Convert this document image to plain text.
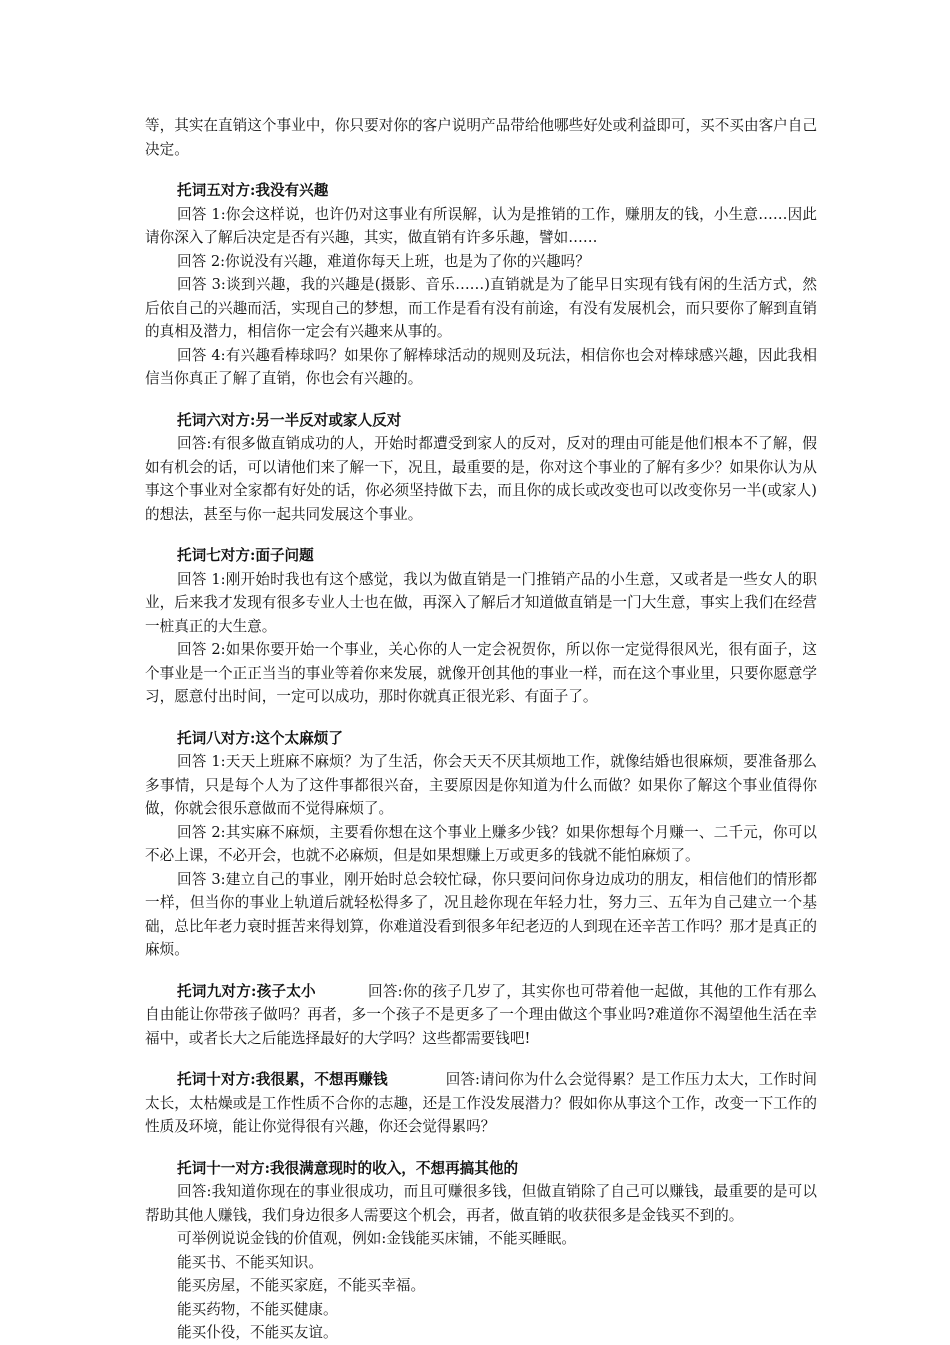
等，其实在直销这个事业中，你只要对你的客户说明产品带给他哪些好处或利益即可，买不买由客户自己决定。

托词五对方:我没有兴趣

回答 1:你会这样说，也许仍对这事业有所误解，认为是推销的工作，赚朋友的钱，小生意……因此请你深入了解后决定是否有兴趣，其实，做直销有许多乐趣，譬如……

回答 2:你说没有兴趣，难道你每天上班，也是为了你的兴趣吗？

回答 3:谈到兴趣，我的兴趣是(摄影、音乐……)直销就是为了能早日实现有钱有闲的生活方式，然后依自己的兴趣而活，实现自己的梦想，而工作是看有没有前途，有没有发展机会，而只要你了解到直销的真相及潜力，相信你一定会有兴趣来从事的。

回答 4:有兴趣看棒球吗？如果你了解棒球活动的规则及玩法，相信你也会对棒球感兴趣，因此我相信当你真正了解了直销，你也会有兴趣的。

托词六对方:另一半反对或家人反对

回答:有很多做直销成功的人，开始时都遭受到家人的反对，反对的理由可能是他们根本不了解，假如有机会的话，可以请他们来了解一下，况且，最重要的是，你对这个事业的了解有多少？如果你认为从事这个事业对全家都有好处的话，你必须坚持做下去，而且你的成长或改变也可以改变你另一半(或家人)的想法，甚至与你一起共同发展这个事业。

托词七对方:面子问题

回答 1:刚开始时我也有这个感觉，我以为做直销是一门推销产品的小生意，又或者是一些女人的职业，后来我才发现有很多专业人士也在做，再深入了解后才知道做直销是一门大生意，事实上我们在经营一桩真正的大生意。

回答 2:如果你要开始一个事业，关心你的人一定会祝贺你，所以你一定觉得很风光，很有面子，这个事业是一个正正当当的事业等着你来发展，就像开创其他的事业一样，而在这个事业里，只要你愿意学习，愿意付出时间，一定可以成功，那时你就真正很光彩、有面子了。

托词八对方:这个太麻烦了

回答 1:天天上班麻不麻烦？为了生活，你会天天不厌其烦地工作，就像结婚也很麻烦，要准备那么多事情，只是每个人为了这件事都很兴奋，主要原因是你知道为什么而做？如果你了解这个事业值得你做，你就会很乐意做而不觉得麻烦了。

回答 2:其实麻不麻烦，主要看你想在这个事业上赚多少钱？如果你想每个月赚一、二千元，你可以不必上课，不必开会，也就不必麻烦，但是如果想赚上万或更多的钱就不能怕麻烦了。

回答 3:建立自己的事业，刚开始时总会较忙碌，你只要问问你身边成功的朋友，相信他们的情形都一样，但当你的事业上轨道后就轻松得多了，况且趁你现在年轻力壮，努力三、五年为自己建立一个基础，总比年老力衰时捱苦来得划算，你难道没看到很多年纪老迈的人到现在还辛苦工作吗？那才是真正的麻烦。

托词九对方:孩子太小	回答:你的孩子几岁了，其实你也可带着他一起做，其他的工作有那么自由能让你带孩子做吗？再者，多一个孩子不是更多了一个理由做这个事业吗?难道你不渴望他生活在幸福中，或者长大之后能选择最好的大学吗？这些都需要钱吧!

托词十对方:我很累，不想再赚钱	回答:请问你为什么会觉得累？是工作压力太大，工作时间太长，太枯燥或是工作性质不合你的志趣，还是工作没发展潜力？假如你从事这个工作，改变一下工作的性质及环境，能让你觉得很有兴趣，你还会觉得累吗？

托词十一对方:我很满意现时的收入，不想再搞其他的

回答:我知道你现在的事业很成功，而且可赚很多钱，但做直销除了自己可以赚钱，最重要的是可以帮助其他人赚钱，我们身边很多人需要这个机会，再者，做直销的收获很多是金钱买不到的。

可举例说说金钱的价值观，例如:金钱能买床铺，不能买睡眠。

能买书、不能买知识。

能买房屋，不能买家庭，不能买幸福。

能买药物，不能买健康。

能买仆役，不能买友谊。
